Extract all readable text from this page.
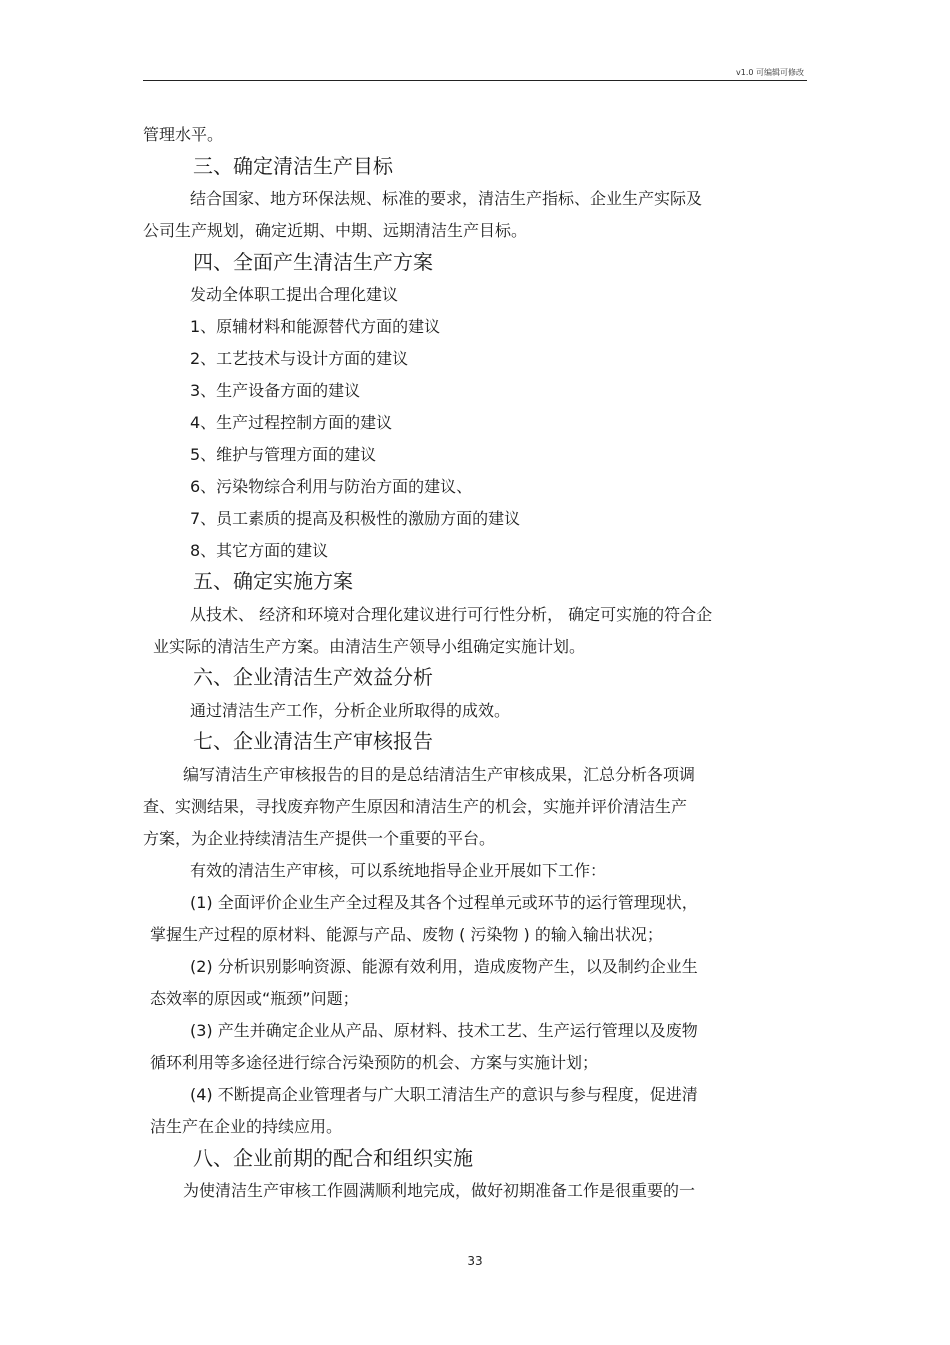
v1.0 可编辑可修改
管理水平。
三、确定清洁生产目标
结合国家、地方环保法规、标准的要求，清洁生产指标、企业生产实际及
公司生产规划，确定近期、中期、远期清洁生产目标。
四、全面产生清洁生产方案
发动全体职工提出合理化建议
1、原辅材料和能源替代方面的建议
2、工艺技术与设计方面的建议
3、生产设备方面的建议
4、生产过程控制方面的建议
5、维护与管理方面的建议
6、污染物综合利用与防治方面的建议、
7、员工素质的提高及积极性的激励方面的建议
8、其它方面的建议
五、确定实施方案
从技术、 经济和环境对合理化建议进行可行性分析， 确定可实施的符合企
业实际的清洁生产方案。由清洁生产领导小组确定实施计划。
六、企业清洁生产效益分析
通过清洁生产工作，分析企业所取得的成效。
七、企业清洁生产审核报告
编写清洁生产审核报告的目的是总结清洁生产审核成果，汇总分析各项调
查、实测结果，寻找废弃物产生原因和清洁生产的机会，实施并评价清洁生产
方案，为企业持续清洁生产提供一个重要的平台。
有效的清洁生产审核，可以系统地指导企业开展如下工作：
(1) 全面评价企业生产全过程及其各个过程单元或环节的运行管理现状，
掌握生产过程的原材料、能源与产品、废物 ( 污染物 ) 的输入输出状况；
(2) 分析识别影响资源、能源有效利用，造成废物产生，以及制约企业生
态效率的原因或“瓶颈”问题；
(3) 产生并确定企业从产品、原材料、技术工艺、生产运行管理以及废物
循环利用等多途径进行综合污染预防的机会、方案与实施计划；
(4) 不断提高企业管理者与广大职工清洁生产的意识与参与程度，促进清
洁生产在企业的持续应用。
八、企业前期的配合和组织实施
为使清洁生产审核工作圆满顺利地完成，做好初期准备工作是很重要的一
33
